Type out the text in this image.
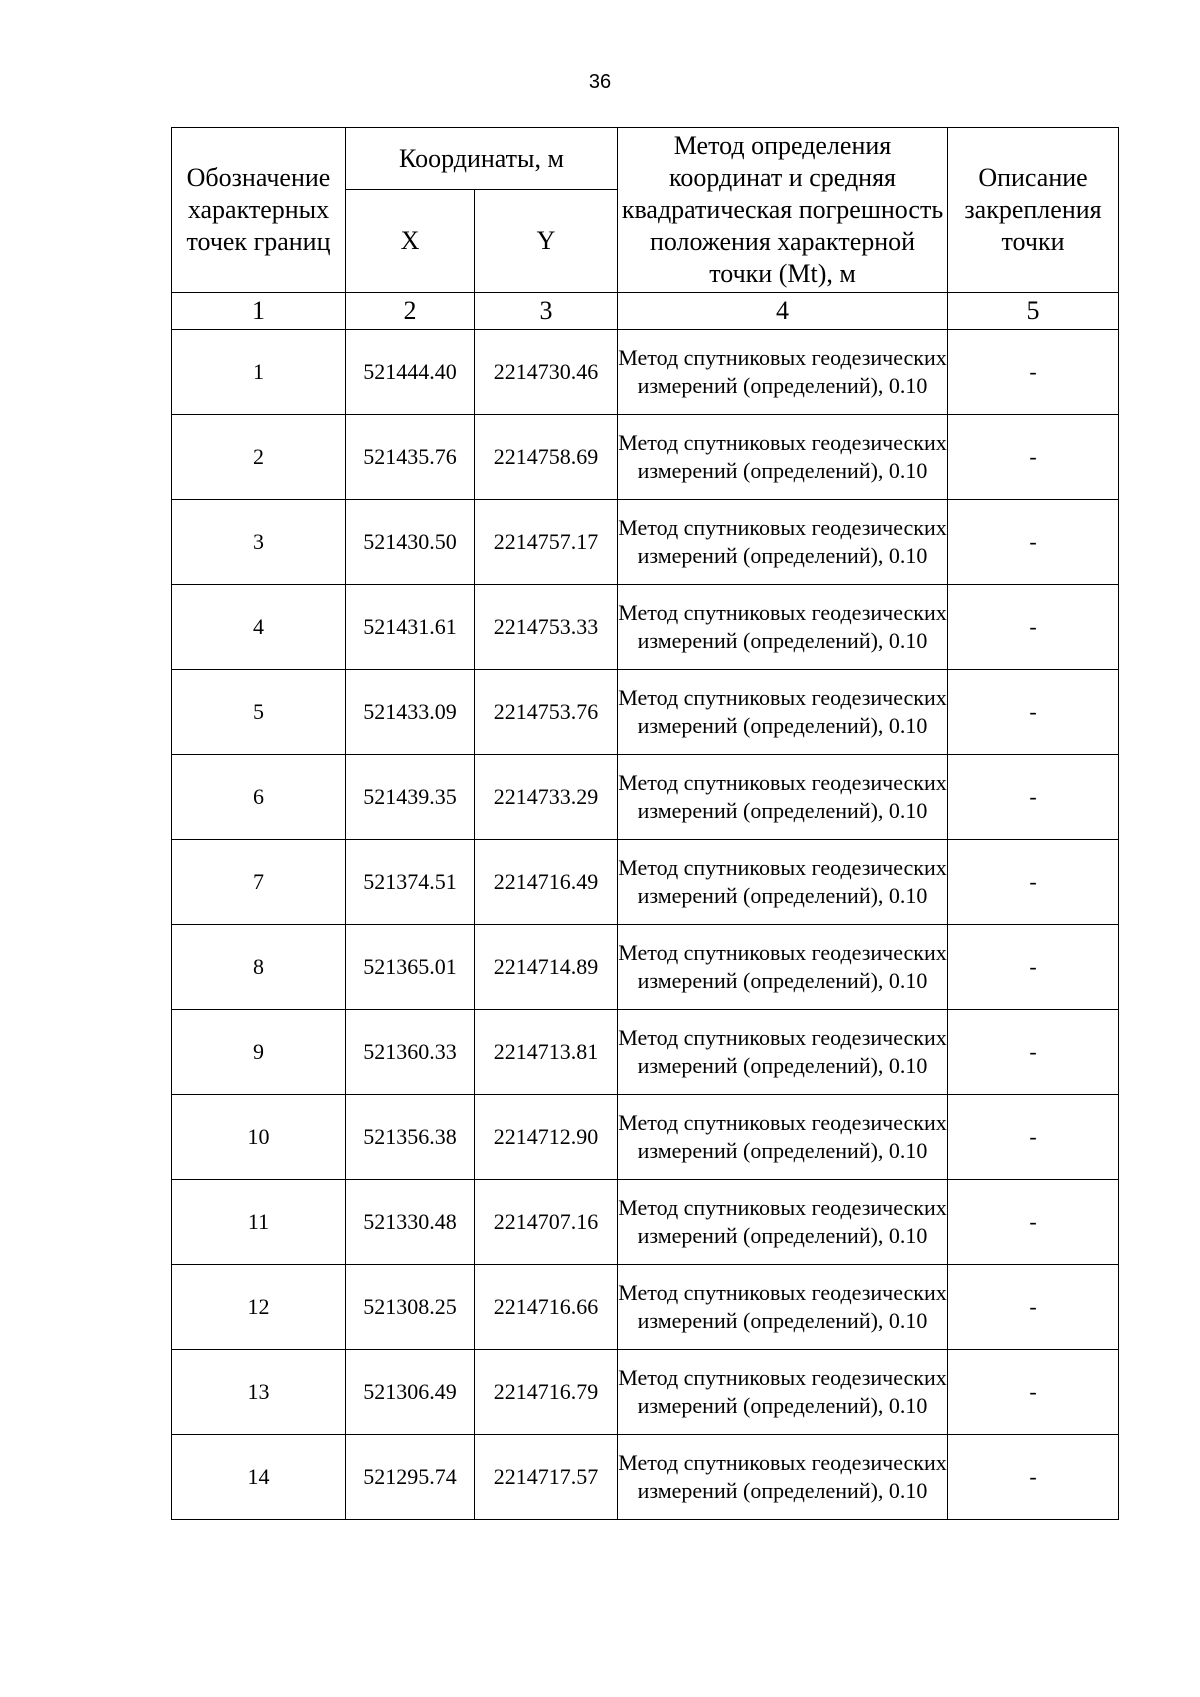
36
Обозначение характерных точек границ	Координаты, м		Метод определения координат и средняя квадратичеcкая погрешность положения характерной точки (Mt), м	Описание закрепления точки

	X	Y		

1	2	3	4	5
1	521444.40	2214730.46	Метод спутниковых геодезических измерений (определений), 0.10	-
2	521435.76	2214758.69	Метод спутниковых геодезических измерений (определений), 0.10	-
3	521430.50	2214757.17	Метод спутниковых геодезических измерений (определений), 0.10	-
4	521431.61	2214753.33	Метод спутниковых геодезических измерений (определений), 0.10	-
5	521433.09	2214753.76	Метод спутниковых геодезических измерений (определений), 0.10	-
6	521439.35	2214733.29	Метод спутниковых геодезических измерений (определений), 0.10	-
7	521374.51	2214716.49	Метод спутниковых геодезических измерений (определений), 0.10	-
8	521365.01	2214714.89	Метод спутниковых геодезических измерений (определений), 0.10	-
9	521360.33	2214713.81	Метод спутниковых геодезических измерений (определений), 0.10	-
10	521356.38	2214712.90	Метод спутниковых геодезических измерений (определений), 0.10	-
11	521330.48	2214707.16	Метод спутниковых геодезических измерений (определений), 0.10	-
12	521308.25	2214716.66	Метод спутниковых геодезических измерений (определений), 0.10	-
13	521306.49	2214716.79	Метод спутниковых геодезических измерений (определений), 0.10	-
14	521295.74	2214717.57	Метод спутниковых геодезических измерений (определений), 0.10	-
